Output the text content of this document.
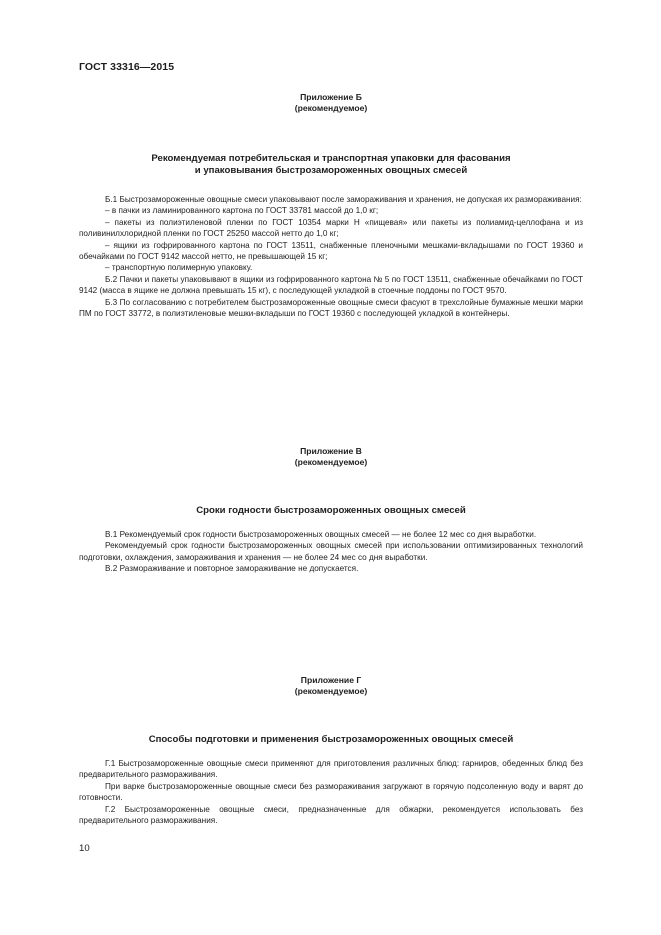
ГОСТ 33316—2015
Приложение Б
(рекомендуемое)
Рекомендуемая потребительская и транспортная упаковки для фасования
и упаковывания быстрозамороженных овощных смесей

Б.1 Быстрозамороженные овощные смеси упаковывают после замораживания и хранения, не допуская их размораживания:

– в пачки из ламинированного картона по ГОСТ 33781 массой до 1,0 кг;

– пакеты из полиэтиленовой пленки по ГОСТ 10354 марки Н «пищевая» или пакеты из полиамид-целлофана и из поливинилхлоридной пленки по ГОСТ 25250 массой нетто до 1,0 кг;

– ящики из гофрированного картона по ГОСТ 13511, снабженные пленочными мешками-вкладышами по ГОСТ 19360 и обечайками по ГОСТ 9142 массой нетто, не превышающей 15 кг;

– транспортную полимерную упаковку.

Б.2 Пачки и пакеты упаковывают в ящики из гофрированного картона № 5 по ГОСТ 13511, снабженные обечайками по ГОСТ 9142 (масса в ящике не должна превышать 15 кг), с последующей укладкой в стоечные поддоны по ГОСТ 9570.

Б.3 По согласованию с потребителем быстрозамороженные овощные смеси фасуют в трехслойные бумажные мешки марки ПМ по ГОСТ 33772, в полиэтиленовые мешки-вкладыши по ГОСТ 19360 с последующей укладкой в контейнеры.

Приложение В
(рекомендуемое)
Сроки годности быстрозамороженных овощных смесей

В.1 Рекомендуемый срок годности быстрозамороженных овощных смесей — не более 12 мес со дня выработки.

Рекомендуемый срок годности быстрозамороженных овощных смесей при использовании оптимизированных технологий подготовки, охлаждения, замораживания и хранения — не более 24 мес со дня выработки.

В.2 Размораживание и повторное замораживание не допускается.

Приложение Г
(рекомендуемое)
Способы подготовки и применения быстрозамороженных овощных смесей

Г.1 Быстрозамороженные овощные смеси применяют для приготовления различных блюд: гарниров, обеденных блюд без предварительного размораживания.

При варке быстрозамороженные овощные смеси без размораживания загружают в горячую подсоленную воду и варят до готовности.

Г.2 Быстрозамороженные овощные смеси, предназначенные для обжарки, рекомендуется использовать без предварительного размораживания.

10
